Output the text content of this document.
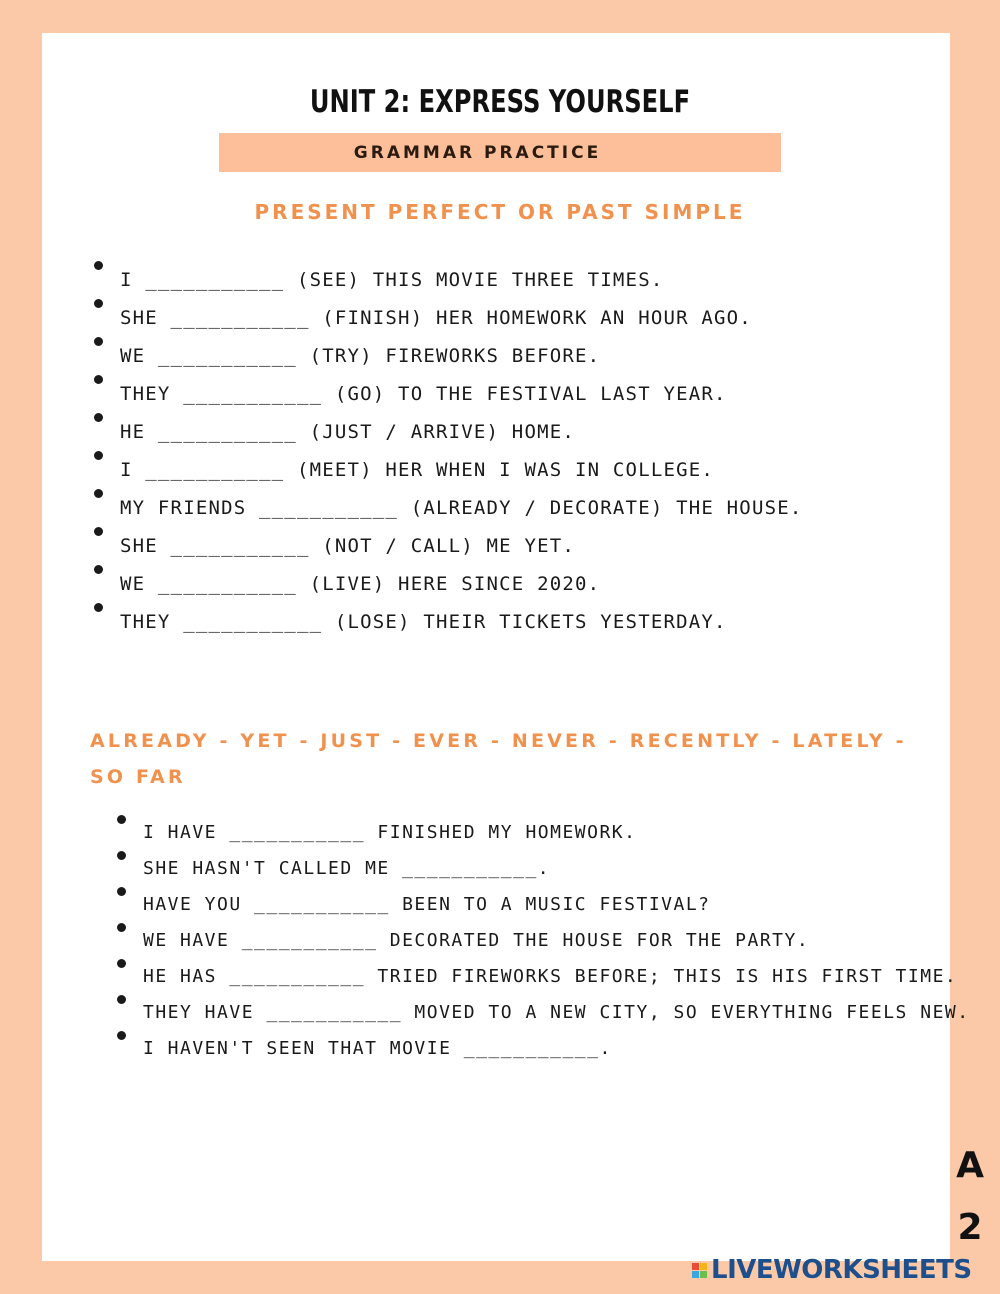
UNIT 2: EXPRESS YOURSELF
GRAMMAR PRACTICE
PRESENT PERFECT OR PAST SIMPLE
I ___________ (SEE) THIS MOVIE THREE TIMES.
SHE ___________ (FINISH) HER HOMEWORK AN HOUR AGO.
WE ___________ (TRY) FIREWORKS BEFORE.
THEY ___________ (GO) TO THE FESTIVAL LAST YEAR.
HE ___________ (JUST / ARRIVE) HOME.
I ___________ (MEET) HER WHEN I WAS IN COLLEGE.
MY FRIENDS ___________ (ALREADY / DECORATE) THE HOUSE.
SHE ___________ (NOT / CALL) ME YET.
WE ___________ (LIVE) HERE SINCE 2020.
THEY ___________ (LOSE) THEIR TICKETS YESTERDAY.
ALREADY - YET - JUST - EVER - NEVER - RECENTLY - LATELY - SO FAR
I HAVE ___________ FINISHED MY HOMEWORK.
SHE HASN'T CALLED ME ___________.
HAVE YOU ___________ BEEN TO A MUSIC FESTIVAL?
WE HAVE ___________ DECORATED THE HOUSE FOR THE PARTY.
HE HAS ___________ TRIED FIREWORKS BEFORE; THIS IS HIS FIRST TIME.
THEY HAVE ___________ MOVED TO A NEW CITY, SO EVERYTHING FEELS NEW.
I HAVEN'T SEEN THAT MOVIE ___________.
A
2
LIVEWORKSHEETS
